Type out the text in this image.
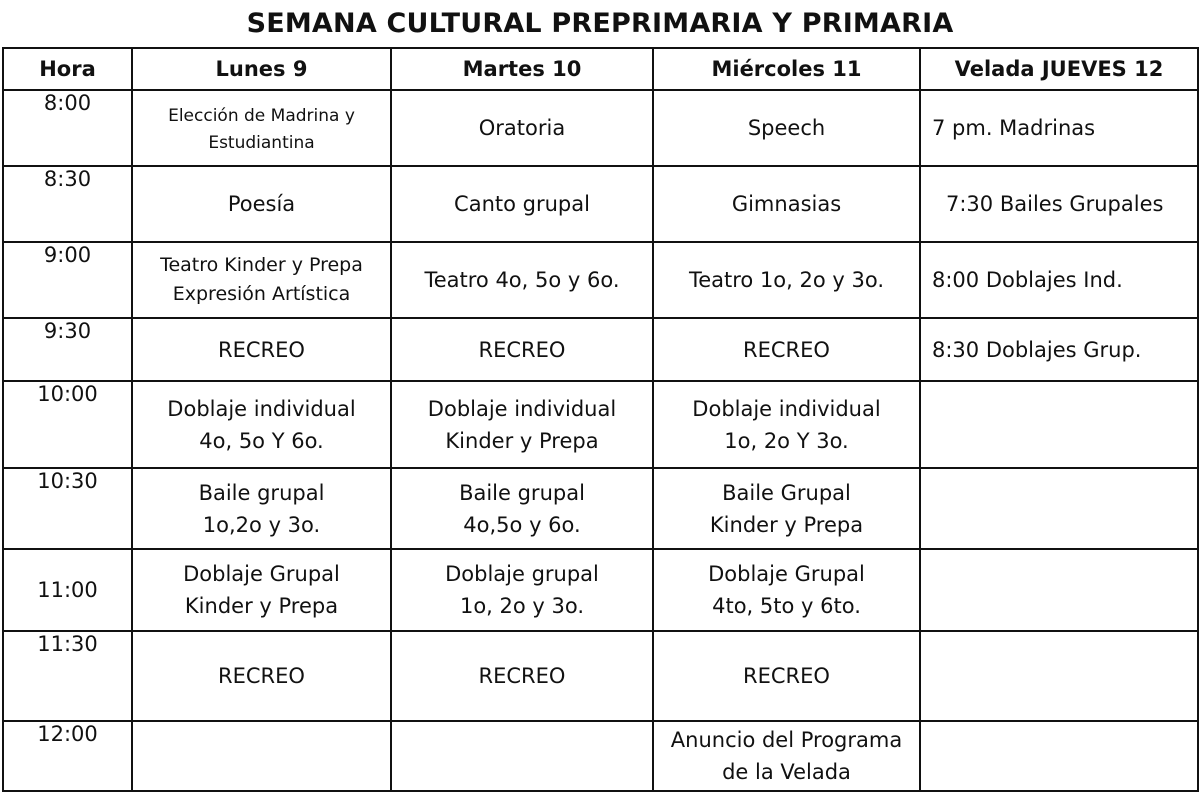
SEMANA CULTURAL PREPRIMARIA Y PRIMARIA
Hora	Lunes 9	Martes 10	Miércoles 11	Velada JUEVES 12
8:00	Elección de Madrina y
Estudiantina	Oratoria	Speech	7 pm. Madrinas

8:30	Poesía	Canto grupal	Gimnasias	7:30 Bailes Grupales

9:00	Teatro Kinder y Prepa
Expresión Artística	Teatro 4o, 5o y 6o.	Teatro 1o, 2o y 3o.	8:00 Doblajes Ind.

9:30	RECREO	RECREO	RECREO	8:30 Doblajes Grup.

10:00	Doblaje individual
4o, 5o Y 6o.	Doblaje individual
Kinder y Prepa	Doblaje individual
1o, 2o Y 3o.	

10:30	Baile grupal
1o,2o y 3o.	Baile grupal
4o,5o y 6o.	Baile Grupal
Kinder y Prepa	

11:00	Doblaje Grupal
Kinder y Prepa	Doblaje grupal
1o, 2o y 3o.	Doblaje Grupal
4to, 5to y 6to.	

11:30	RECREO	RECREO	RECREO	

12:00			Anuncio del Programa
de la Velada	
